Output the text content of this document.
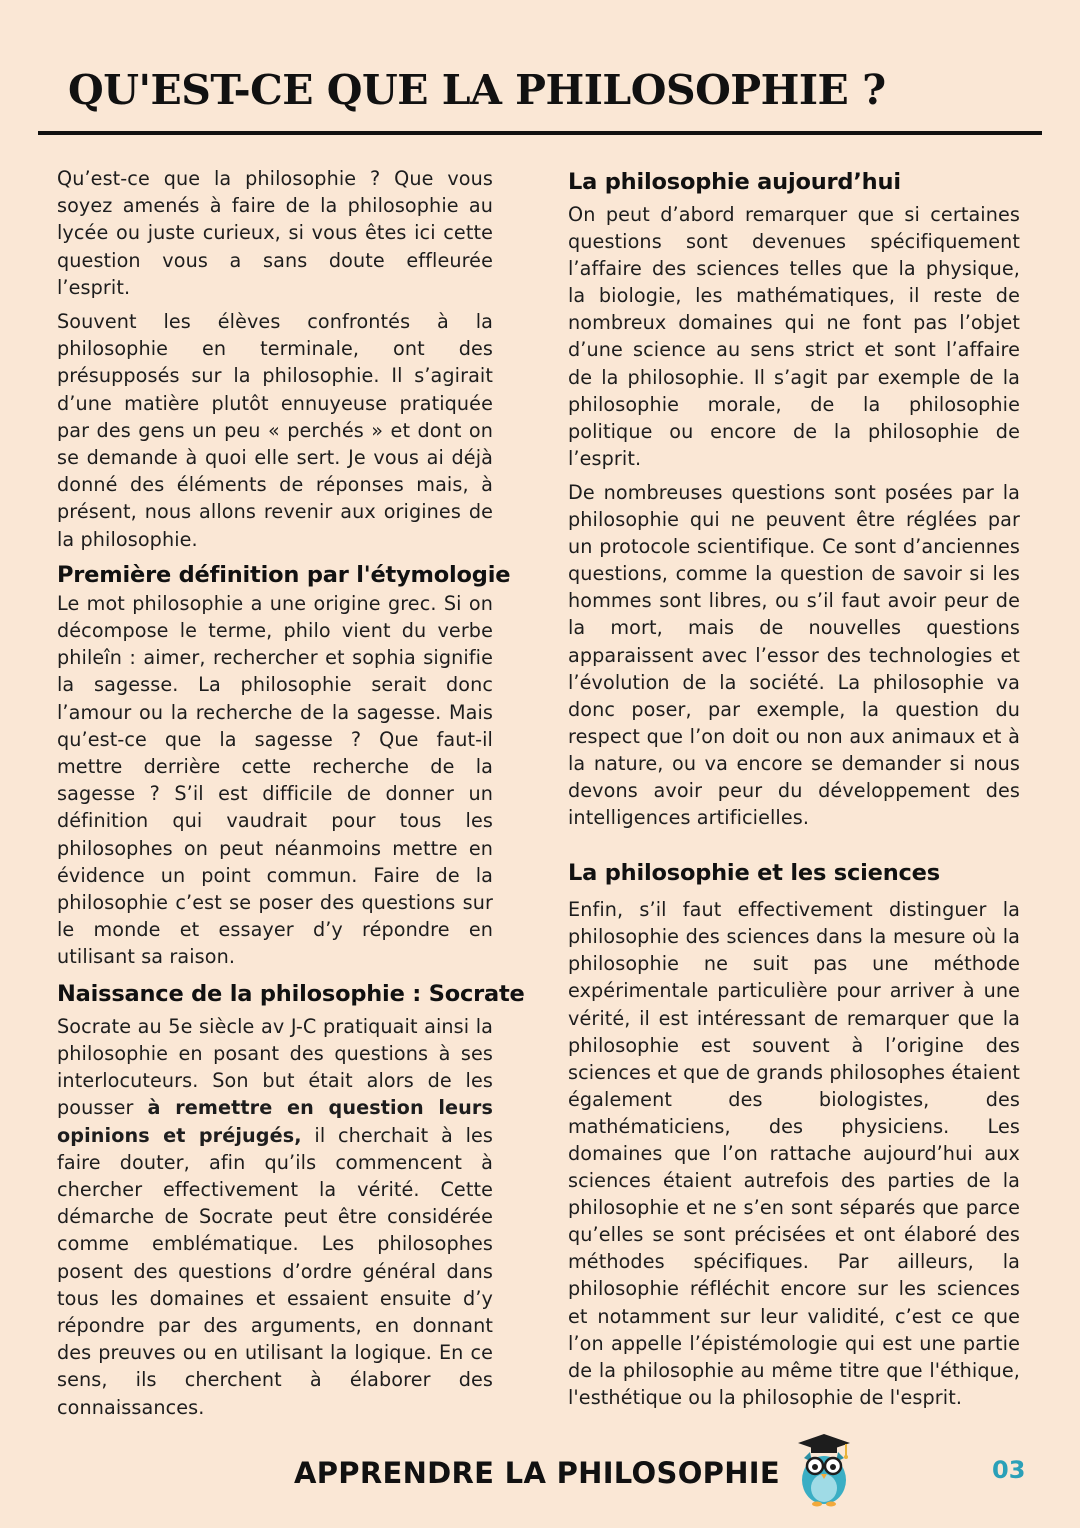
QU'EST-CE QUE LA PHILOSOPHIE ?

Qu’est-ce que la philosophie ? Que vous soyez amenés à faire de la philosophie au lycée ou juste curieux, si vous êtes ici cette question vous a sans doute effleurée l’esprit.

Souvent les élèves confrontés à la philosophie en terminale, ont des présupposés sur la philosophie. Il s’agirait d’une matière plutôt ennuyeuse pratiquée par des gens un peu « perchés » et dont on se demande à quoi elle sert. Je vous ai déjà donné des éléments de réponses mais, à présent, nous allons revenir aux origines de la philosophie.

Première définition par l'étymologie

Le mot philosophie a une origine grec. Si on décompose le terme, philo vient du verbe phileîn : aimer, rechercher et sophia signifie la sagesse. La philosophie serait donc l’amour ou la recherche de la sagesse. Mais qu’est-ce que la sagesse ? Que faut-il mettre derrière cette recherche de la sagesse ? S’il est difficile de donner un définition qui vaudrait pour tous les philosophes on peut néanmoins mettre en évidence un point commun. Faire de la philosophie c’est se poser des questions sur le monde et essayer d’y répondre en utilisant sa raison.

Naissance de la philosophie : Socrate

Socrate au 5e siècle av J-C pratiquait ainsi la philosophie en posant des questions à ses interlocuteurs. Son but était alors de les pousser à remettre en question leurs opinions et préjugés, il cherchait à les faire douter, afin qu’ils commencent à chercher effectivement la vérité. Cette démarche de Socrate peut être considérée comme emblématique. Les philosophes posent des questions d’ordre général dans tous les domaines et essaient ensuite d’y répondre par des arguments, en donnant des preuves ou en utilisant la logique. En ce sens, ils cherchent à élaborer des connaissances.

La philosophie aujourd’hui

On peut d’abord remarquer que si certaines questions sont devenues spécifiquement l’affaire des sciences telles que la physique, la biologie, les mathématiques, il reste de nombreux domaines qui ne font pas l’objet d’une science au sens strict et sont l’affaire de la philosophie. Il s’agit par exemple de la philosophie morale, de la philosophie politique ou encore de la philosophie de l’esprit.

De nombreuses questions sont posées par la philosophie qui ne peuvent être réglées par un protocole scientifique. Ce sont d’anciennes questions, comme la question de savoir si les hommes sont libres, ou s’il faut avoir peur de la mort, mais de nouvelles questions apparaissent avec l’essor des technologies et l’évolution de la société. La philosophie va donc poser, par exemple, la question du respect que l’on doit ou non aux animaux et à la nature, ou va encore se demander si nous devons avoir peur du développement des intelligences artificielles.

La philosophie et les sciences

Enfin, s’il faut effectivement distinguer la philosophie des sciences dans la mesure où la philosophie ne suit pas une méthode expérimentale particulière pour arriver à une vérité, il est intéressant de remarquer que la philosophie est souvent à l’origine des sciences et que de grands philosophes étaient également des biologistes, des mathématiciens, des physiciens. Les domaines que l’on rattache aujourd’hui aux sciences étaient autrefois des parties de la philosophie et ne s’en sont séparés que parce qu’elles se sont précisées et ont élaboré des méthodes spécifiques. Par ailleurs, la philosophie réfléchit encore sur les sciences et notamment sur leur validité, c’est ce que l’on appelle l’épistémologie qui est une partie de la philosophie au même titre que l'éthique, l'esthétique ou la philosophie de l'esprit.

APPRENDRE LA PHILOSOPHIE	03
